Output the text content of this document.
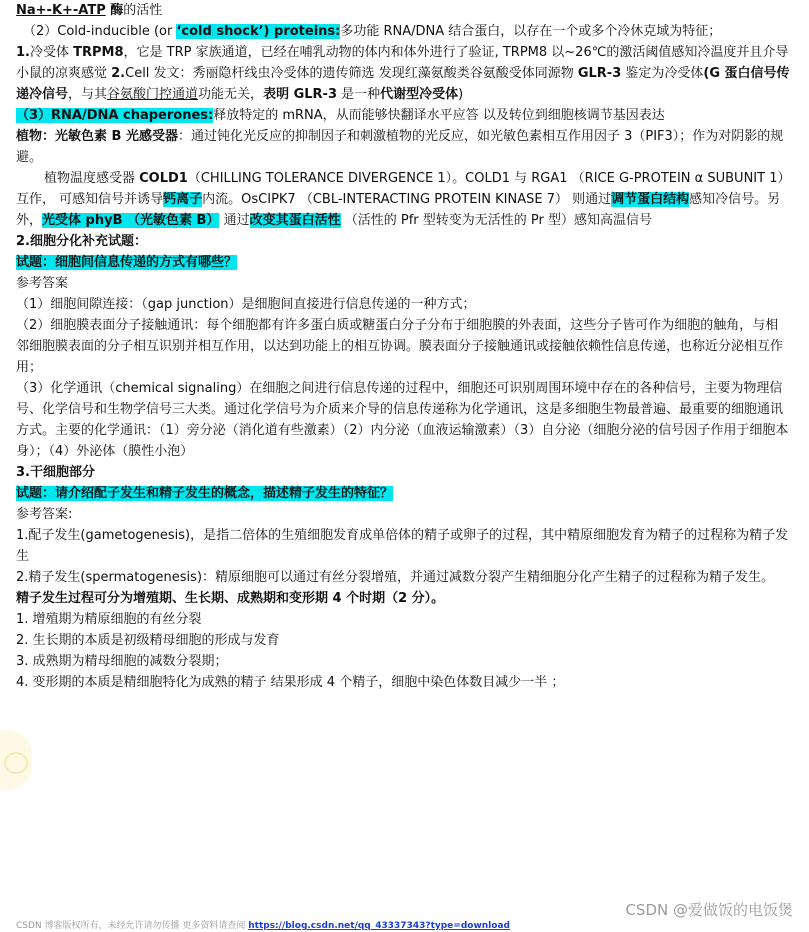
Na+-K+-ATP 酶的活性

（2）Cold-inducible (or ‘cold shock’) proteins:多功能 RNA/DNA 结合蛋白，以存在一个或多个冷休克域为特征；

1.冷受体 TRPM8，它是 TRP 家族通道，已经在哺乳动物的体内和体外进行了验证, TRPM8 以~26℃的激活阈值感知冷温度并且介导小鼠的凉爽感觉 2.Cell 发文：秀丽隐杆线虫冷受体的遗传筛选 发现红藻氨酸类谷氨酸受体同源物 GLR-3 鉴定为冷受体(G 蛋白信号传递冷信号，与其谷氨酸门控通道功能无关，表明 GLR-3 是一种代谢型冷受体)

（3）RNA/DNA chaperones:释放特定的 mRNA，从而能够快翻译水平应答 以及转位到细胞核调节基因表达

植物：光敏色素 B 光感受器：通过钝化光反应的抑制因子和刺激植物的光反应，如光敏色素相互作用因子 3（PIF3）；作为对阴影的规避。

植物温度感受器 COLD1（CHILLING TOLERANCE DIVERGENCE 1）。COLD1 与 RGA1 （RICE G-PROTEIN α SUBUNIT 1） 互作， 可感知信号并诱导钙离子内流。OsCIPK7 （CBL-INTERACTING PROTEIN KINASE 7） 则通过调节蛋白结构感知冷信号。另外，光受体 phyB （光敏色素 B） 通过改变其蛋白活性 （活性的 Pfr 型转变为无活性的 Pr 型）感知高温信号

2.细胞分化补充试题：

试题：细胞间信息传递的方式有哪些？

参考答案

（1）细胞间隙连接：（gap junction）是细胞间直接进行信息传递的一种方式；

（2）细胞膜表面分子接触通讯：每个细胞都有许多蛋白质或糖蛋白分子分布于细胞膜的外表面，这些分子皆可作为细胞的触角，与相邻细胞膜表面的分子相互识别并相互作用，以达到功能上的相互协调。膜表面分子接触通讯或接触依赖性信息传递，也称近分泌相互作用；

（3）化学通讯（chemical signaling）在细胞之间进行信息传递的过程中，细胞还可识别周围环境中存在的各种信号，主要为物理信号、化学信号和生物学信号三大类。通过化学信号为介质来介导的信息传递称为化学通讯，这是多细胞生物最普遍、最重要的细胞通讯方式。主要的化学通讯：（1）旁分泌（消化道有些激素）（2）内分泌（血液运输激素）（3）自分泌（细胞分泌的信号因子作用于细胞本身）；（4）外泌体（膜性小泡）

3.干细胞部分

试题：请介绍配子发生和精子发生的概念，描述精子发生的特征？

参考答案:

1.配子发生(gametogenesis)，是指二倍体的生殖细胞发育成单倍体的精子或卵子的过程，其中精原细胞发育为精子的过程称为精子发生

2.精子发生(spermatogenesis)：精原细胞可以通过有丝分裂增殖，并通过减数分裂产生精细胞分化产生精子的过程称为精子发生。

精子发生过程可分为增殖期、生长期、成熟期和变形期 4 个时期（2 分）。

1. 增殖期为精原细胞的有丝分裂

2. 生长期的本质是初级精母细胞的形成与发育

3. 成熟期为精母细胞的减数分裂期；

4. 变形期的本质是精细胞特化为成熟的精子 结果形成 4 个精子，细胞中染色体数目减少一半 ；

CSDN 博客版权所有，未经允许请勿传播 更多资料请查阅 https://blog.csdn.net/qq_43337343?type=download
CSDN @爱做饭的电饭煲
